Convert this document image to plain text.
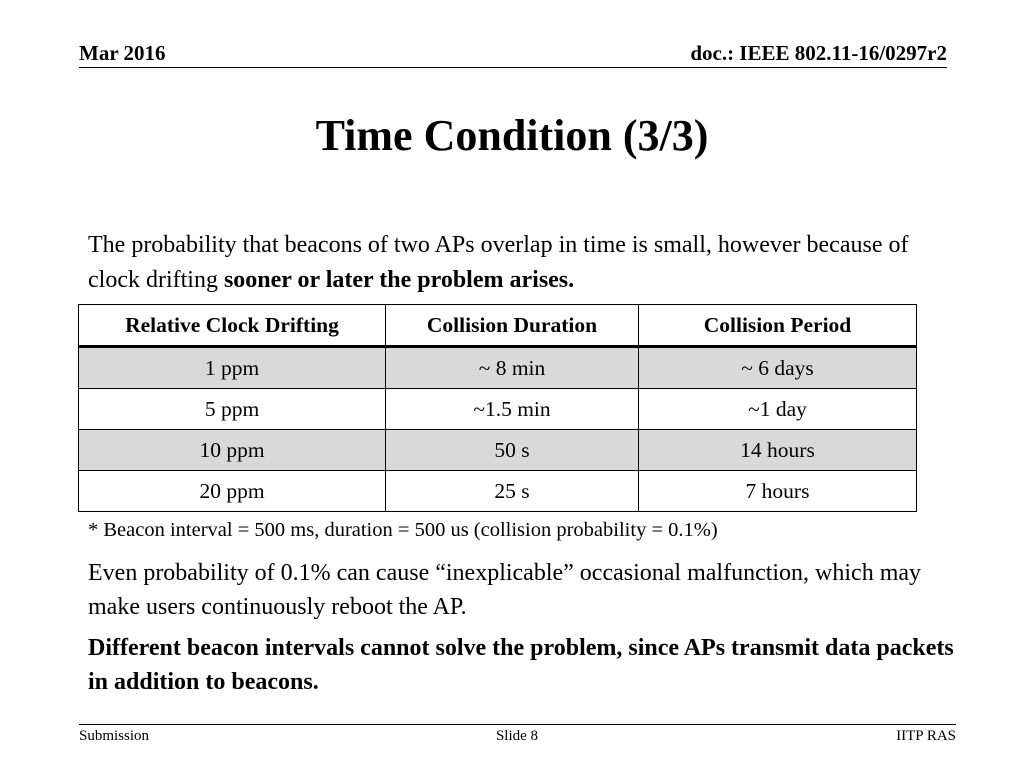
Mar 2016	doc.: IEEE 802.11-16/0297r2
Time Condition (3/3)
The probability that beacons of two APs overlap in time is small, however because of clock drifting sooner or later the problem arises.
Relative Clock Drifting	Collision Duration	Collision Period
1 ppm	~ 8 min	~ 6 days
5 ppm	~1.5 min	~1 day
10 ppm	50 s	14 hours
20 ppm	25 s	7 hours
* Beacon interval = 500 ms, duration = 500 us (collision probability = 0.1%)
Even probability of 0.1% can cause “inexplicable” occasional malfunction, which may make users continuously reboot the AP.
Different beacon intervals cannot solve the problem, since APs transmit data packets in addition to beacons.
Submission	Slide 8	IITP RAS
